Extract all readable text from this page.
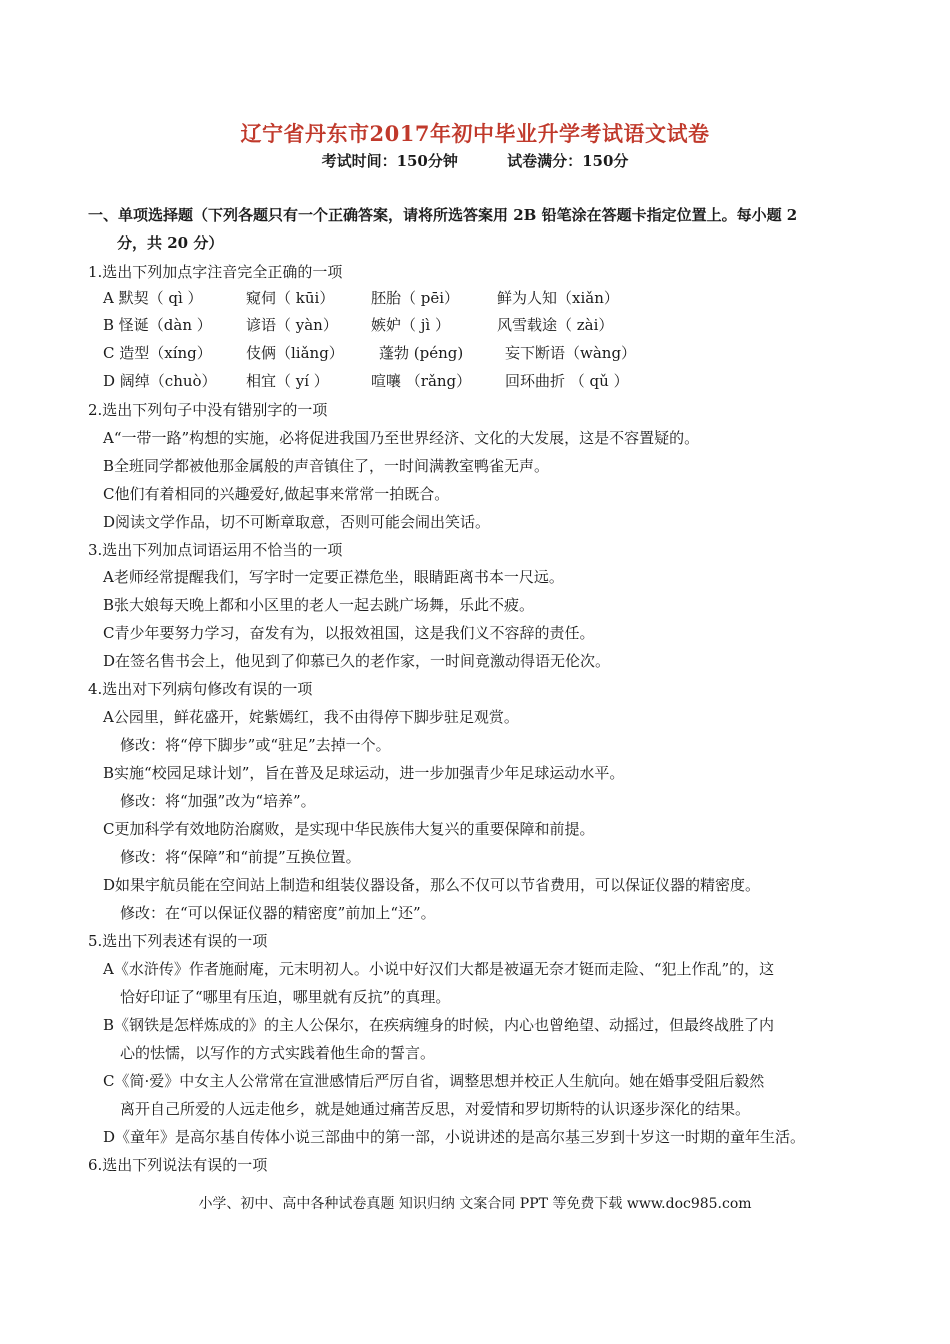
辽宁省丹东市2017年初中毕业升学考试语文试卷
考试时间：150分钟	试卷满分：150分
一、单项选择题（下列各题只有一个正确答案，请将所选答案用 2B 铅笔涂在答题卡指定位置上。每小题 2
分，共 20 分）
1.选出下列加点字注音完全正确的一项
A 默契（ qì ）	窥伺（ kūi） 胚胎（ pēi）	鲜为人知（xiǎn）
B 怪诞（dàn ） 谚语（ yàn） 嫉妒（ jì ）	风雪载途（ zài）
C 造型（xíng） 伎俩（liǎng） 蓬勃 (péng)	妄下断语（wàng）
D 阔绰（chuò） 相宜（ yí ）	喧嚷 （rǎng） 回环曲折 （ qǔ ）
2.选出下列句子中没有错别字的一项
A“一带一路”构想的实施，必将促进我国乃至世界经济、文化的大发展，这是不容置疑的。
B全班同学都被他那金属般的声音镇住了，一时间满教室鸭雀无声。
C他们有着相同的兴趣爱好,做起事来常常一拍既合。
D阅读文学作品，切不可断章取意，否则可能会闹出笑话。
3.选出下列加点词语运用不恰当的一项
A老师经常提醒我们，写字时一定要正襟危坐，眼睛距离书本一尺远。
B张大娘每天晚上都和小区里的老人一起去跳广场舞，乐此不疲。
C青少年要努力学习，奋发有为，以报效祖国，这是我们义不容辞的责任。
D在签名售书会上，他见到了仰慕已久的老作家，一时间竟激动得语无伦次。
4.选出对下列病句修改有误的一项
A公园里，鲜花盛开，姹紫嫣红，我不由得停下脚步驻足观赏。
修改：将“停下脚步”或“驻足”去掉一个。
B实施“校园足球计划”，旨在普及足球运动，进一步加强青少年足球运动水平。
修改：将“加强”改为“培养”。
C更加科学有效地防治腐败，是实现中华民族伟大复兴的重要保障和前提。
修改：将“保障”和“前提”互换位置。
D如果宇航员能在空间站上制造和组装仪器设备，那么不仅可以节省费用，可以保证仪器的精密度。
修改：在“可以保证仪器的精密度”前加上“还”。
5.选出下列表述有误的一项
A《水浒传》作者施耐庵，元末明初人。小说中好汉们大都是被逼无奈才铤而走险、“犯上作乱”的，这
恰好印证了“哪里有压迫，哪里就有反抗”的真理。
B《钢铁是怎样炼成的》的主人公保尔，在疾病缠身的时候，内心也曾绝望、动摇过，但最终战胜了内
心的怯懦，以写作的方式实践着他生命的誓言。
C《简·爱》中女主人公常常在宣泄感情后严厉自省，调整思想并校正人生航向。她在婚事受阻后毅然
离开自己所爱的人远走他乡，就是她通过痛苦反思，对爱情和罗切斯特的认识逐步深化的结果。
D《童年》是高尔基自传体小说三部曲中的第一部，小说讲述的是高尔基三岁到十岁这一时期的童年生活。
6.选出下列说法有误的一项
小学、初中、高中各种试卷真题 知识归纳 文案合同 PPT 等免费下载 www.doc985.com
